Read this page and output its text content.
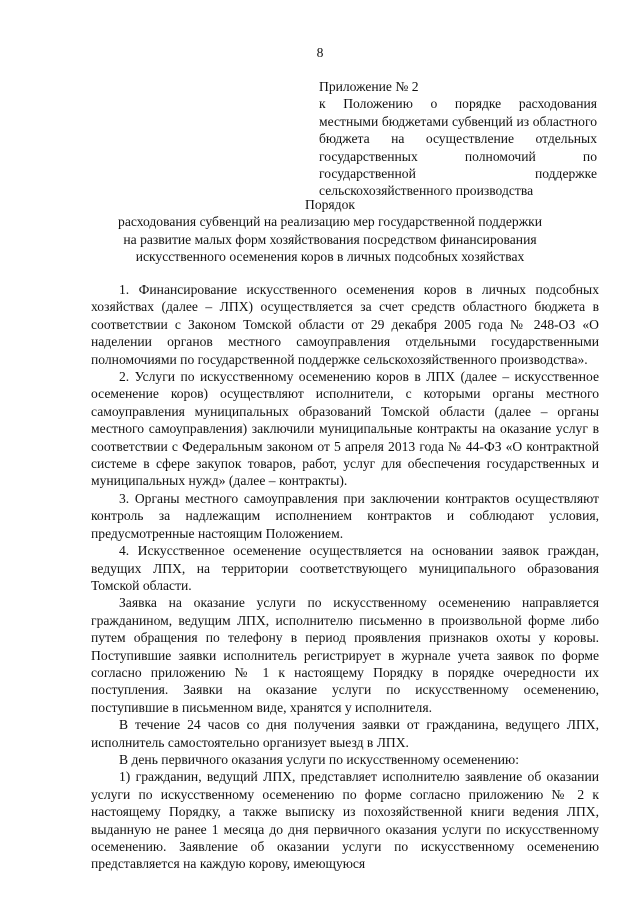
8

Приложение № 2

к Положению о порядке расходования местными бюджетами субвенций из областного бюджета на осуществление отдельных государственных полномочий по государственной поддержке сельскохозяйственного производства

Порядок
расходования субвенций на реализацию мер государственной поддержки
на развитие малых форм хозяйствования посредством финансирования
искусственного осеменения коров в личных подсобных хозяйствах

1. Финансирование искусственного осеменения коров в личных подсобных хозяйствах (далее – ЛПХ) осуществляется за счет средств областного бюджета в соответствии с Законом Томской области от 29 декабря 2005 года № 248-ОЗ «О наделении органов местного самоуправления отдельными государственными полномочиями по государственной поддержке сельскохозяйственного производства».

2. Услуги по искусственному осеменению коров в ЛПХ (далее – искусственное осеменение коров) осуществляют исполнители, с которыми органы местного самоуправления муниципальных образований Томской области (далее – органы местного самоуправления) заключили муниципальные контракты на оказание услуг в соответствии с Федеральным законом от 5 апреля 2013 года № 44-ФЗ «О контрактной системе в сфере закупок товаров, работ, услуг для обеспечения государственных и муниципальных нужд» (далее – контракты).

3. Органы местного самоуправления при заключении контрактов осуществляют контроль за надлежащим исполнением контрактов и соблюдают условия, предусмотренные настоящим Положением.

4. Искусственное осеменение осуществляется на основании заявок граждан, ведущих ЛПХ, на территории соответствующего муниципального образования Томской области.

Заявка на оказание услуги по искусственному осеменению направляется гражданином, ведущим ЛПХ, исполнителю письменно в произвольной форме либо путем обращения по телефону в период проявления признаков охоты у коровы. Поступившие заявки исполнитель регистрирует в журнале учета заявок по форме согласно приложению № 1 к настоящему Порядку в порядке очередности их поступления. Заявки на оказание услуги по искусственному осеменению, поступившие в письменном виде, хранятся у исполнителя.

В течение 24 часов со дня получения заявки от гражданина, ведущего ЛПХ, исполнитель самостоятельно организует выезд в ЛПХ.

В день первичного оказания услуги по искусственному осеменению:

1) гражданин, ведущий ЛПХ, представляет исполнителю заявление об оказании услуги по искусственному осеменению по форме согласно приложению № 2 к настоящему Порядку, а также выписку из похозяйственной книги ведения ЛПХ, выданную не ранее 1 месяца до дня первичного оказания услуги по искусственному осеменению. Заявление об оказании услуги по искусственному осеменению представляется на каждую корову, имеющуюся
